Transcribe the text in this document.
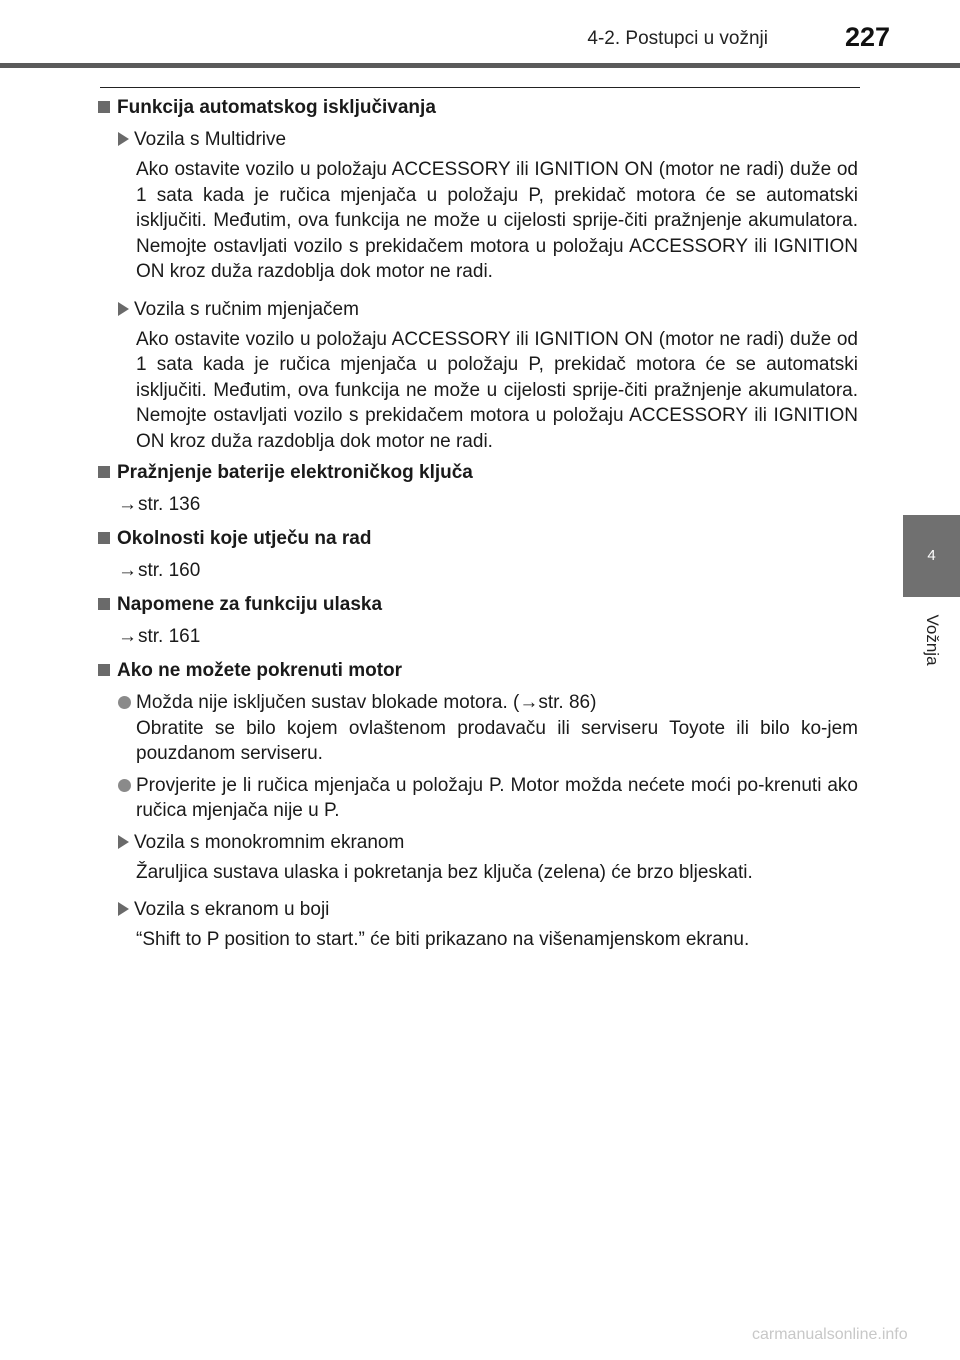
4-2. Postupci u vožnji	227
4
Vožnja
Funkcija automatskog isključivanja
Vozila s Multidrive
Ako ostavite vozilo u položaju ACCESSORY ili IGNITION ON (motor ne radi) duže od 1 sata kada je ručica mjenjača u položaju P, prekidač motora će se automatski isključiti. Međutim, ova funkcija ne može u cijelosti sprije-čiti pražnjenje akumulatora. Nemojte ostavljati vozilo s prekidačem motora u položaju ACCESSORY ili IGNITION ON kroz duža razdoblja dok motor ne radi.
Vozila s ručnim mjenjačem
Ako ostavite vozilo u položaju ACCESSORY ili IGNITION ON (motor ne radi) duže od 1 sata kada je ručica mjenjača u položaju P, prekidač motora će se automatski isključiti. Međutim, ova funkcija ne može u cijelosti sprije-čiti pražnjenje akumulatora. Nemojte ostavljati vozilo s prekidačem motora u položaju ACCESSORY ili IGNITION ON kroz duža razdoblja dok motor ne radi.
Pražnjenje baterije elektroničkog ključa
→str. 136
Okolnosti koje utječu na rad
→str. 160
Napomene za funkciju ulaska
→str. 161
Ako ne možete pokrenuti motor
Možda nije isključen sustav blokade motora. (→str. 86)
Obratite se bilo kojem ovlaštenom prodavaču ili serviseru Toyote ili bilo ko-jem pouzdanom serviseru.
Provjerite je li ručica mjenjača u položaju P. Motor možda nećete moći po-krenuti ako ručica mjenjača nije u P.
Vozila s monokromnim ekranom
Žaruljica sustava ulaska i pokretanja bez ključa (zelena) će brzo bljeskati.
Vozila s ekranom u boji
“Shift to P position to start.” će biti prikazano na višenamjenskom ekranu.
carmanualsonline.info
